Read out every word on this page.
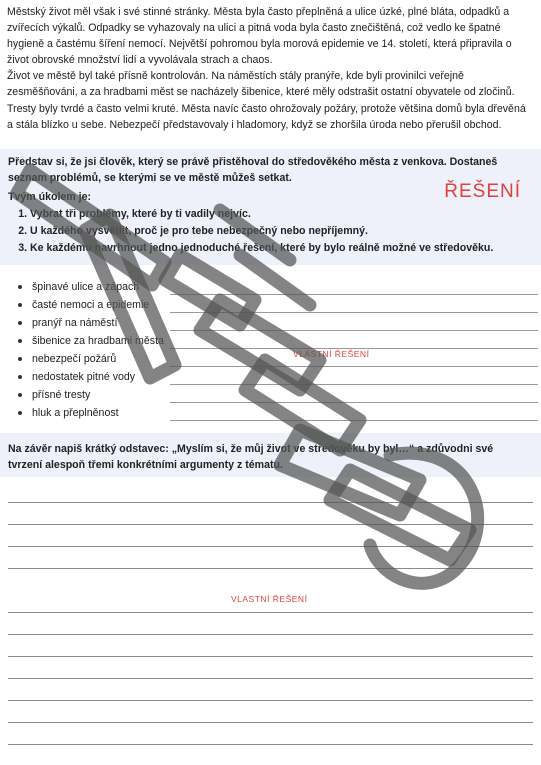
Městský život měl však i své stinné stránky. Města byla často přeplněná a ulice úzké, plné bláta, odpadků a zvířecích výkalů. Odpadky se vyhazovaly na ulici a pitná voda byla často znečištěná, což vedlo ke špatné hygieně a častému šíření nemocí. Největší pohromou byla morová epidemie ve 14. století, která připravila o život obrovské množství lidí a vyvolávala strach a chaos.

Život ve městě byl také přísně kontrolován. Na náměstích stály pranýře, kde byli provinilci veřejně zesměšňováni, a za hradbami měst se nacházely šibenice, které měly odstrašit ostatní obyvatele od zločinů. Tresty byly tvrdé a často velmi kruté. Města navíc často ohrožovaly požáry, protože většina domů byla dřevěná a stála blízko u sebe. Nebezpečí představovaly i hladomory, když se zhoršila úroda nebo přerušil obchod.

Představ si, že jsi člověk, který se právě přistěhoval do středověkého města z venkova. Dostaneš seznam problémů, se kterými se ve městě můžeš setkat.
Tvým úkolem je:
1. Vybrat tři problémy, které by ti vadily nejvíc.
2. U každého vysvětlit, proč je pro tebe nebezpečný nebo nepříjemný.
3. Ke každému navrhnout jedno jednoduché řešení, které by bylo reálně možné ve středověku.
ŘEŠENÍ
špinavé ulice a zápach
časté nemoci a epidemie
pranýř na náměstí
šibenice za hradbami města
nebezpečí požárů
nedostatek pitné vody
přísné tresty
hluk a přeplněnost
VLASTNÍ ŘEŠENÍ

Na závěr napiš krátký odstavec: „Myslím si, že můj život ve středověku by byl…“ a zdůvodni své tvrzení alespoň třemi konkrétními argumenty z tématu.

VLASTNÍ ŘEŠENÍ
